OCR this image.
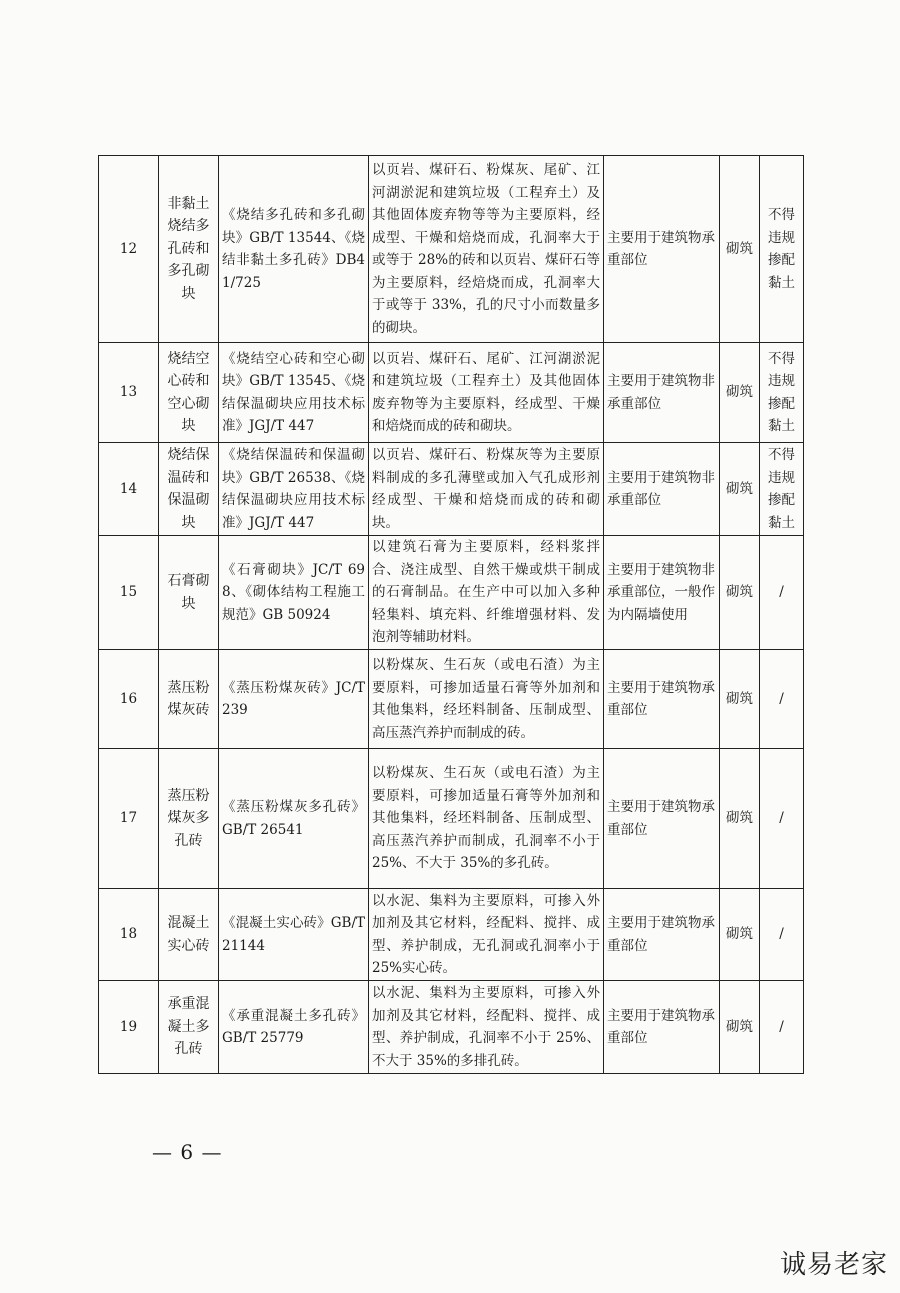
12	非黏土烧结多孔砖和多孔砌块	《烧结多孔砖和多孔砌块》GB/T 13544、《烧结非黏土多孔砖》DB41/725	以页岩、煤矸石、粉煤灰、尾矿、江河湖淤泥和建筑垃圾（工程弃土）及其他固体废弃物等等为主要原料，经成型、干燥和焙烧而成，孔洞率大于或等于 28%的砖和以页岩、煤矸石等为主要原料，经焙烧而成，孔洞率大于或等于 33%，孔的尺寸小而数量多的砌块。	主要用于建筑物承重部位	砌筑	不得违规掺配黏土
13	烧结空心砖和空心砌块	《烧结空心砖和空心砌块》GB/T 13545、《烧结保温砌块应用技术标准》JGJ/T 447	以页岩、煤矸石、尾矿、江河湖淤泥和建筑垃圾（工程弃土）及其他固体废弃物等为主要原料，经成型、干燥和焙烧而成的砖和砌块。	主要用于建筑物非承重部位	砌筑	不得违规掺配黏土
14	烧结保温砖和保温砌块	《烧结保温砖和保温砌块》GB/T 26538、《烧结保温砌块应用技术标准》JGJ/T 447	以页岩、煤矸石、粉煤灰等为主要原料制成的多孔薄壁或加入气孔成形剂经成型、干燥和焙烧而成的砖和砌块。	主要用于建筑物非承重部位	砌筑	不得违规掺配黏土
15	石膏砌块	《石膏砌块》JC/T 698、《砌体结构工程施工规范》GB 50924	以建筑石膏为主要原料，经料浆拌合、浇注成型、自然干燥或烘干制成的石膏制品。在生产中可以加入多种轻集料、填充料、纤维增强材料、发泡剂等辅助材料。	主要用于建筑物非承重部位，一般作为内隔墙使用	砌筑	/
16	蒸压粉煤灰砖	《蒸压粉煤灰砖》JC/T 239	以粉煤灰、生石灰（或电石渣）为主要原料，可掺加适量石膏等外加剂和其他集料，经坯料制备、压制成型、高压蒸汽养护而制成的砖。	主要用于建筑物承重部位	砌筑	/
17	蒸压粉煤灰多孔砖	《蒸压粉煤灰多孔砖》GB/T 26541	以粉煤灰、生石灰（或电石渣）为主要原料，可掺加适量石膏等外加剂和其他集料，经坯料制备、压制成型、高压蒸汽养护而制成，孔洞率不小于 25%、不大于 35%的多孔砖。	主要用于建筑物承重部位	砌筑	/
18	混凝土实心砖	《混凝土实心砖》GB/T 21144	以水泥、集料为主要原料，可掺入外加剂及其它材料，经配料、搅拌、成型、养护制成，无孔洞或孔洞率小于 25%实心砖。	主要用于建筑物承重部位	砌筑	/
19	承重混凝土多孔砖	《承重混凝土多孔砖》GB/T 25779	以水泥、集料为主要原料，可掺入外加剂及其它材料，经配料、搅拌、成型、养护制成，孔洞率不小于 25%、不大于 35%的多排孔砖。	主要用于建筑物承重部位	砌筑	/
— 6 —
诚易老家
